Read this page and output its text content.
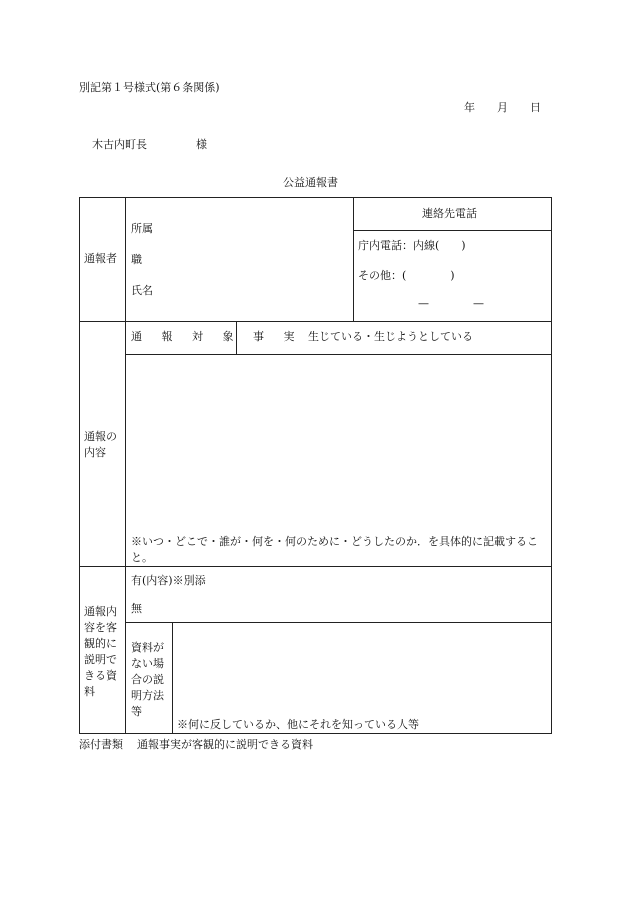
別記第１号様式(第６条関係)
年　　月　　日
木古内町長	様
公益通報書
通報者
所属
職
氏名
連絡先電話
庁内電話：内線(　　)
その他：(　　　　)
—　　　　—
通報の内容
通 報 対 象 事 実 生じている・生じようとしている
※いつ・どこで・誰が・何を・何のために・どうしたのか．を具体的に記載すること。
通報内容を客観的に説明できる資料
有(内容)※別添
無
資料がない場合の説明方法等
※何に反しているか、他にそれを知っている人等
添付書類 通報事実が客観的に説明できる資料
